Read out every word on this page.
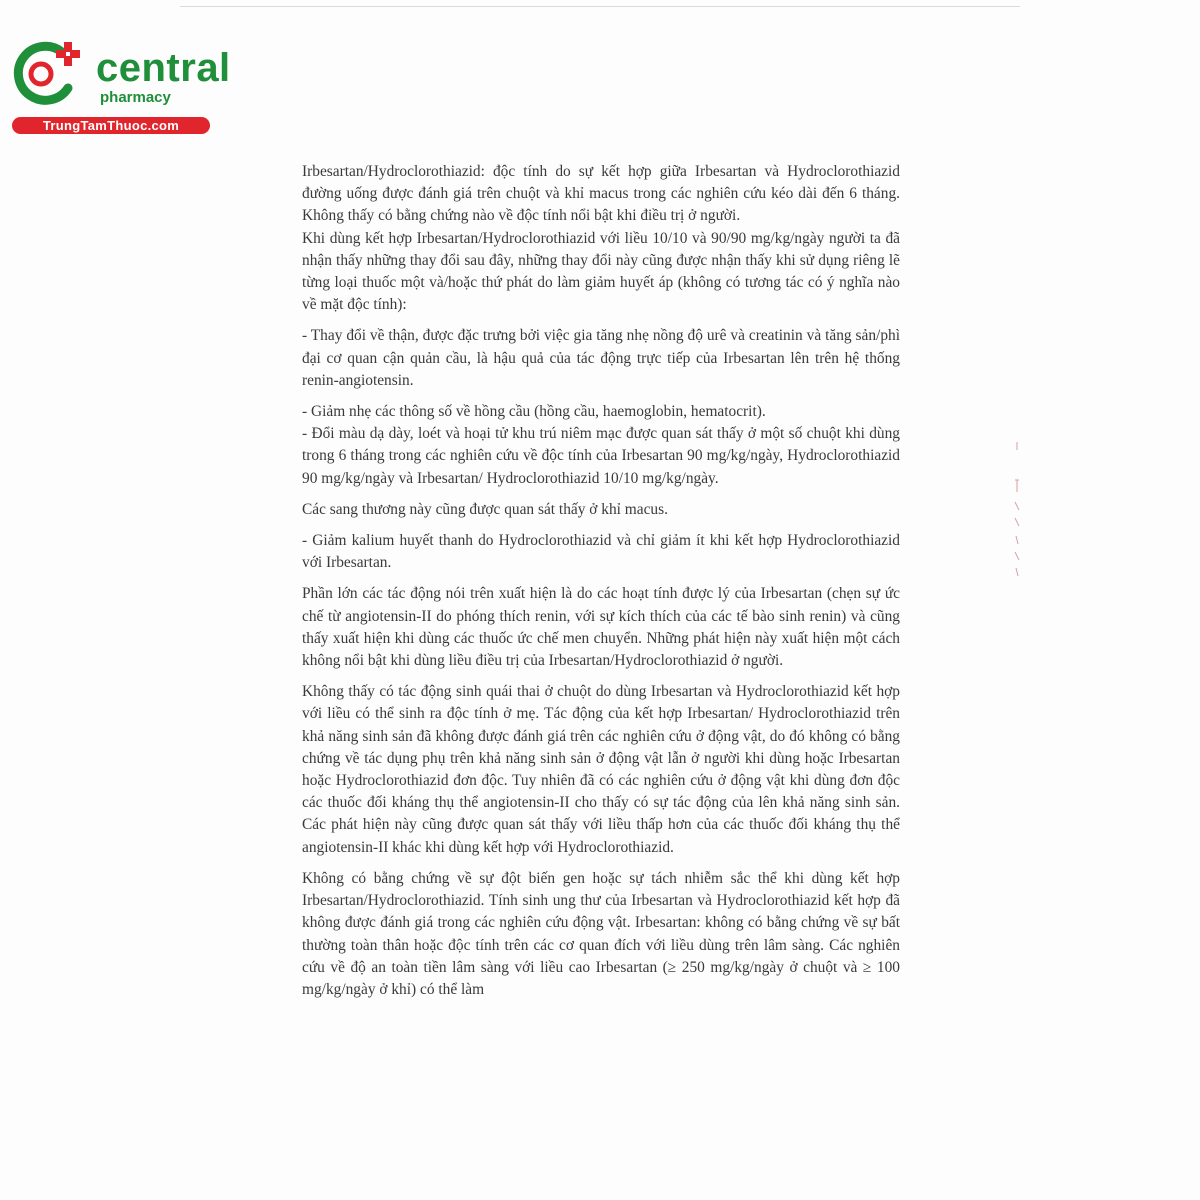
central
pharmacy
TrungTamThuoc.com

Irbesartan/Hydroclorothiazid: độc tính do sự kết hợp giữa Irbesartan và Hydroclorothiazid đường uống được đánh giá trên chuột và khỉ macus trong các nghiên cứu kéo dài đến 6 tháng. Không thấy có bằng chứng nào về độc tính nổi bật khi điều trị ở người.

Khi dùng kết hợp Irbesartan/Hydroclorothiazid với liều 10/10 và 90/90 mg/kg/ngày người ta đã nhận thấy những thay đổi sau đây, những thay đổi này cũng được nhận thấy khi sử dụng riêng lẽ từng loại thuốc một và/hoặc thứ phát do làm giảm huyết áp (không có tương tác có ý nghĩa nào về mặt độc tính):

- Thay đổi về thận, được đặc trưng bởi việc gia tăng nhẹ nồng độ urê và creatinin và tăng sản/phì đại cơ quan cận quản cầu, là hậu quả của tác động trực tiếp của Irbesartan lên trên hệ thống renin-angiotensin.

- Giảm nhẹ các thông số về hồng cầu (hồng cầu, haemoglobin, hematocrit).

- Đổi màu dạ dày, loét và hoại tử khu trú niêm mạc được quan sát thấy ở một số chuột khi dùng trong 6 tháng trong các nghiên cứu về độc tính của Irbesartan 90 mg/kg/ngày, Hydroclorothiazid 90 mg/kg/ngày và Irbesartan/ Hydroclorothiazid 10/10 mg/kg/ngày.

Các sang thương này cũng được quan sát thấy ở khỉ macus.

- Giảm kalium huyết thanh do Hydroclorothiazid và chỉ giảm ít khi kết hợp Hydroclorothiazid với Irbesartan.

Phần lớn các tác động nói trên xuất hiện là do các hoạt tính được lý của Irbesartan (chẹn sự ức chế từ angiotensin-II do phóng thích renin, với sự kích thích của các tế bào sinh renin) và cũng thấy xuất hiện khi dùng các thuốc ức chế men chuyển. Những phát hiện này xuất hiện một cách không nổi bật khi dùng liều điều trị của Irbesartan/Hydroclorothiazid ở người.

Không thấy có tác động sinh quái thai ở chuột do dùng Irbesartan và Hydroclorothiazid kết hợp với liều có thể sinh ra độc tính ở mẹ. Tác động của kết hợp Irbesartan/ Hydroclorothiazid trên khả năng sinh sản đã không được đánh giá trên các nghiên cứu ở động vật, do đó không có bằng chứng về tác dụng phụ trên khả năng sinh sản ở động vật lẫn ở người khi dùng hoặc Irbesartan hoặc Hydroclorothiazid đơn độc. Tuy nhiên đã có các nghiên cứu ở động vật khi dùng đơn độc các thuốc đối kháng thụ thể angiotensin-II cho thấy có sự tác động của lên khả năng sinh sản. Các phát hiện này cũng được quan sát thấy với liều thấp hơn của các thuốc đối kháng thụ thể angiotensin-II khác khi dùng kết hợp với Hydroclorothiazid.

Không có bằng chứng về sự đột biến gen hoặc sự tách nhiễm sắc thể khi dùng kết hợp Irbesartan/Hydroclorothiazid. Tính sinh ung thư của Irbesartan và Hydroclorothiazid kết hợp đã không được đánh giá trong các nghiên cứu động vật. Irbesartan: không có bằng chứng về sự bất thường toàn thân hoặc độc tính trên các cơ quan đích với liều dùng trên lâm sàng. Các nghiên cứu về độ an toàn tiền lâm sàng với liều cao Irbesartan (≥ 250 mg/kg/ngày ở chuột và ≥ 100 mg/kg/ngày ở khỉ) có thể làm
